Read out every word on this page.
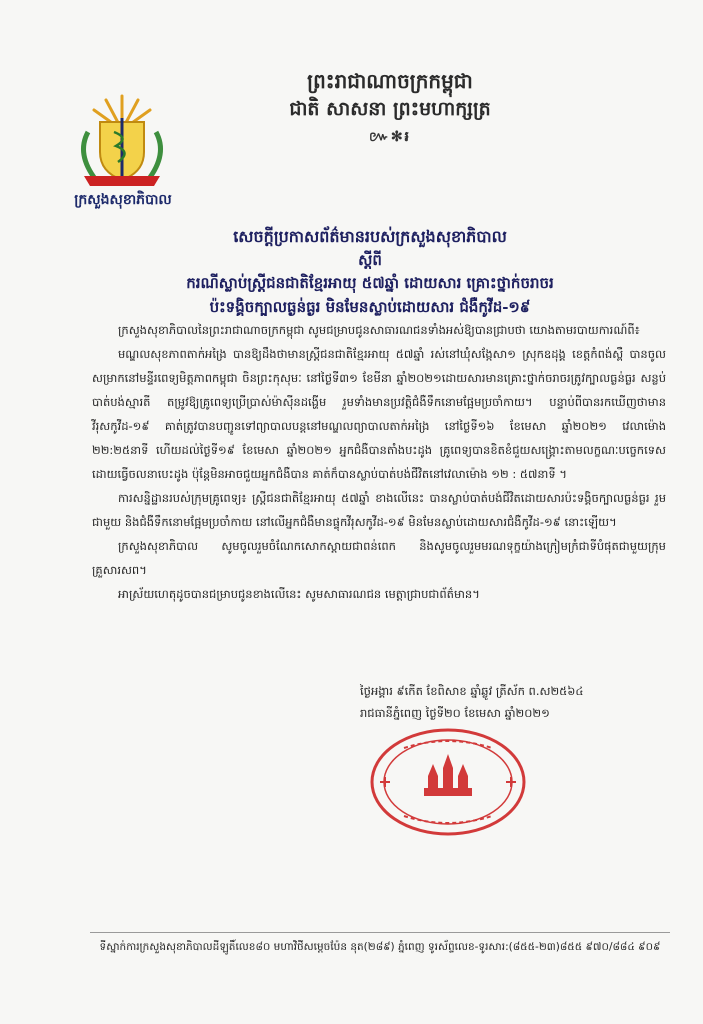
ព្រះរាជាណាចក្រកម្ពុជា
ជាតិ សាសនា ព្រះមហាក្សត្រ
៚✻៛
ក្រសួងសុខាភិបាល
សេចក្តីប្រកាសព័ត៌មានរបស់ក្រសួងសុខាភិបាល
ស្តីពី
ករណីស្លាប់ស្ត្រីជនជាតិខ្មែរអាយុ ៥៧ឆ្នាំ ដោយសារ គ្រោះថ្នាក់ចរាចរ
ប៉ះទង្គិចក្បាលធ្ងន់ធ្ងរ មិនមែនស្លាប់ដោយសារ ជំងឺកូវីដ-១៩

ក្រសួងសុខាភិបាលនៃព្រះរាជាណាចក្រកម្ពុជា សូមជម្រាបជូនសាធារណជនទាំងអស់ឱ្យបានជ្រាបថា យោងតាមរបាយការណ៍ពី៖

មណ្ឌលសុខភាពតាក់អង្រៃ បានឱ្យដឹងថាមានស្ត្រីជនជាតិខ្មែរអាយុ ៥៧ឆ្នាំ រស់នៅឃុំសង្កែសា១ ស្រុកឧដុង្គ ខេត្តកំពង់ស្ពឺ បានចូលសម្រាកនៅមន្ទីរពេទ្យមិត្តភាពកម្ពុជា ចិនព្រះកុសុមៈ នៅថ្ងៃទី៣១ ខែមីនា ឆ្នាំ២០២១ដោយសារមានគ្រោះថ្នាក់ចរាចរត្រូវក្បាលធ្ងន់ធ្ងរ សន្លប់បាត់បង់ស្មារតី តម្រូវឱ្យគ្រូពេទ្យប្រើប្រាស់ម៉ាស៊ីនដង្ហើម រួមទាំងមានប្រវត្តិជំងឺទឹកនោមផ្អែមប្រចាំកាយ។ បន្ទាប់ពីបានរកឃើញថាមានវីរុសកូវីដ-១៩ គាត់ត្រូវបានបញ្ជូនទៅព្យាបាលបន្តនៅមណ្ឌលព្យាបាលតាក់អង្រៃ នៅថ្ងៃទី១៦ ខែមេសា ឆ្នាំ២០២១ វេលាម៉ោង ២២:២៥នាទី ហើយដល់ថ្ងៃទី១៩ ខែមេសា ឆ្នាំ២០២១ អ្នកជំងឺបានតាំងបះដូង គ្រូពេទ្យបានខិតខំជួយសង្គ្រោះតាមលក្ខណៈបច្ចេកទេស ដោយធ្វើចលនាបេះដូង ប៉ុន្តែមិនអាចជួយអ្នកជំងឺបាន គាត់ក៏បានស្លាប់បាត់បង់ជីវិតនៅវេលាម៉ោង ១២ : ៥៧នាទី ។

ការសន្និដ្ឋានរបស់ក្រុមគ្រូពេទ្យ៖ ស្ត្រីជនជាតិខ្មែរអាយុ ៥៧ឆ្នាំ ខាងលើនេះ បានស្លាប់បាត់បង់ជីវិតដោយសារប៉ះទង្គិចក្បាលធ្ងន់ធ្ងរ រួមជាមួយ និងជំងឺទឹកនោមផ្អែមប្រចាំកាយ នៅលើអ្នកជំងឺមានផ្ទុកវីរុសកូវីដ-១៩ មិនមែនស្លាប់ដោយសារជំងឺកូវីដ-១៩ នោះឡើយ។

ក្រសួងសុខាភិបាល សូមចូលរួមចំណែកសោកស្តាយជាពន់ពេក និងសូមចូលរួមមរណទុក្ខយ៉ាងក្រៀមក្រំជាទីបំផុតជាមួយក្រុមគ្រួសារសព។

អាស្រ័យហេតុដូចបានជម្រាបជូនខាងលើនេះ សូមសាធារណជន មេត្តាជ្រាបជាព័ត៌មាន។

ថ្ងៃអង្គារ ៩កើត ខែពិសាខ ឆ្នាំឆ្លូវ ត្រីស័ក ព.ស២៥៦៤
រាជធានីភ្នំពេញ ថ្ងៃទី២០ ខែមេសា ឆ្នាំ២០២១
ទីស្នាក់ការក្រសួងសុខាភិបាលដីឡូតិ៍លេខ៨០ មហាវិថីសម្ដេចប៉ែន នុត(២៨៩) ភ្នំពេញ ទូរស័ព្ទលេខ-ទូរសារ:(៨៥៥-២៣)៨៥៥ ៩៧០/៨៨៤ ៩០៩
